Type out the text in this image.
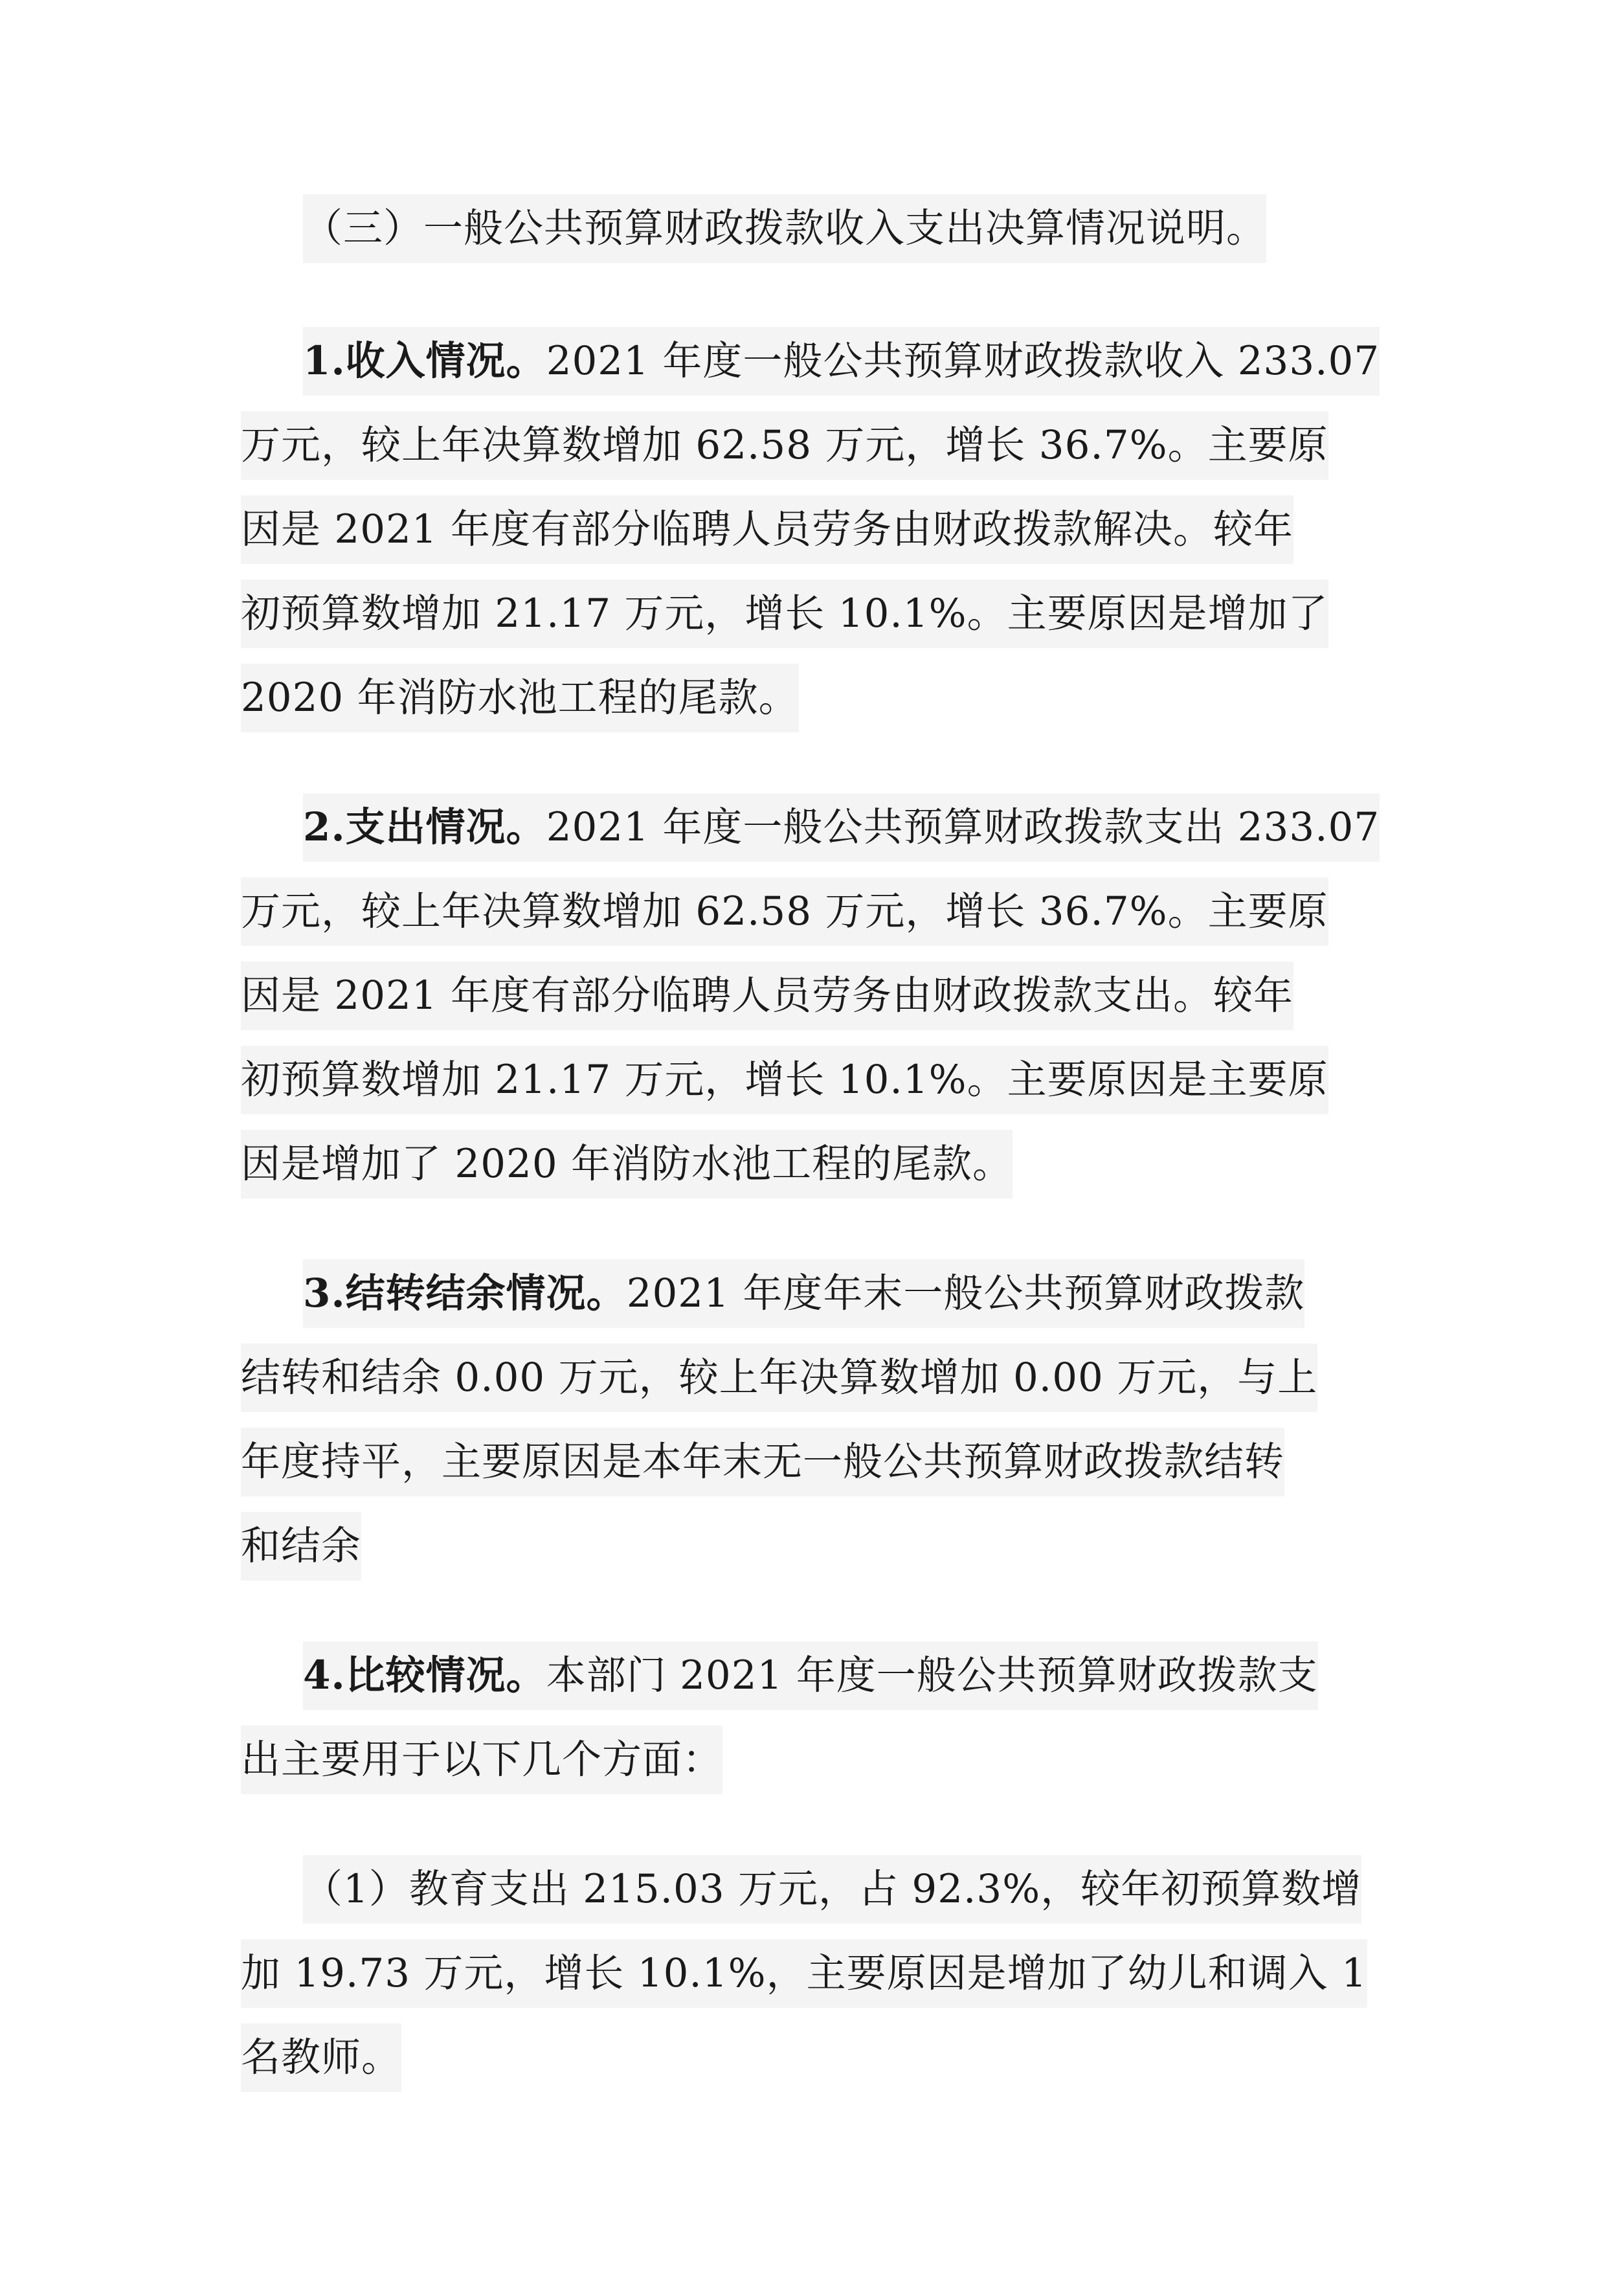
（三）一般公共预算财政拨款收入支出决算情况说明。
1.收入情况。2021 年度一般公共预算财政拨款收入 233.07
万元，较上年决算数增加 62.58 万元，增长 36.7%。主要原
因是 2021 年度有部分临聘人员劳务由财政拨款解决。较年
初预算数增加 21.17 万元，增长 10.1%。主要原因是增加了
2020 年消防水池工程的尾款。
2.支出情况。2021 年度一般公共预算财政拨款支出 233.07
万元，较上年决算数增加 62.58 万元，增长 36.7%。主要原
因是 2021 年度有部分临聘人员劳务由财政拨款支出。较年
初预算数增加 21.17 万元，增长 10.1%。主要原因是主要原
因是增加了 2020 年消防水池工程的尾款。
3.结转结余情况。2021 年度年末一般公共预算财政拨款
结转和结余 0.00 万元，较上年决算数增加 0.00 万元，与上
年度持平，主要原因是本年末无一般公共预算财政拨款结转
和结余
4.比较情况。本部门 2021 年度一般公共预算财政拨款支
出主要用于以下几个方面：
（1）教育支出 215.03 万元，占 92.3%，较年初预算数增
加 19.73 万元，增长 10.1%，主要原因是增加了幼儿和调入 1
名教师。
